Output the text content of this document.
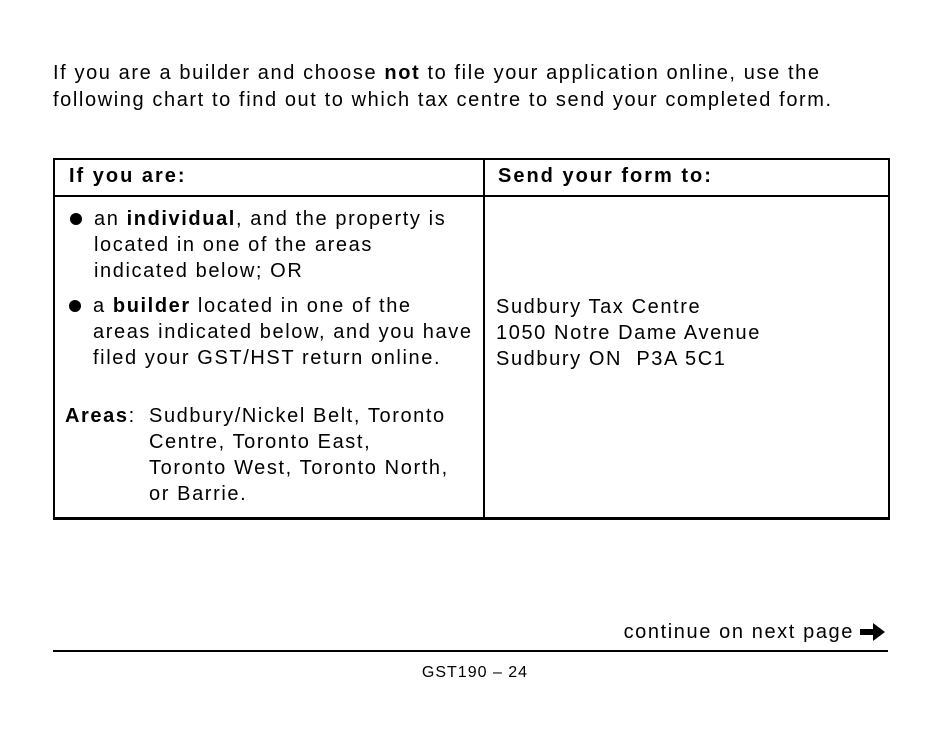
If you are a builder and choose not to file your application online, use the following chart to find out to which tax centre to send your completed form.

If you are:	Send your form to:
an individual, and the property is located in one of the areas indicated below; OR
a builder located in one of the areas indicated below, and you have filed your GST/HST return online.
Areas: Sudbury/Nickel Belt, Toronto Centre, Toronto East, Toronto West, Toronto North, or Barrie.
Sudbury Tax Centre
1050 Notre Dame Avenue
Sudbury ON  P3A 5C1
continue on next page
GST190 – 24
